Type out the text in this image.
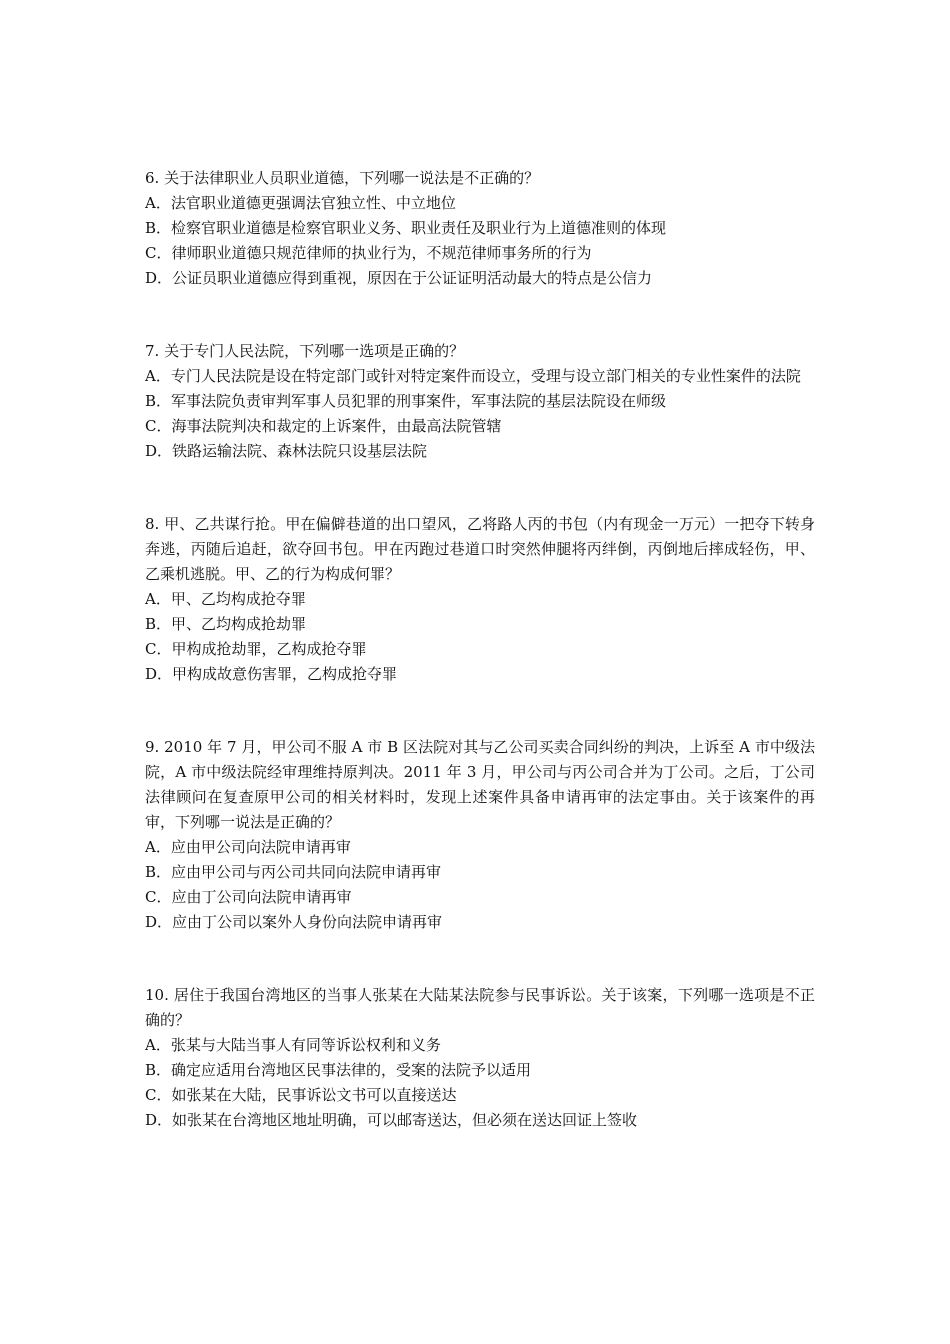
6. 关于法律职业人员职业道德，下列哪一说法是不正确的？

A．法官职业道德更强调法官独立性、中立地位

B．检察官职业道德是检察官职业义务、职业责任及职业行为上道德准则的体现

C．律师职业道德只规范律师的执业行为，不规范律师事务所的行为

D．公证员职业道德应得到重视，原因在于公证证明活动最大的特点是公信力

7. 关于专门人民法院，下列哪一选项是正确的？

A．专门人民法院是设在特定部门或针对特定案件而设立，受理与设立部门相关的专业性案件的法院

B．军事法院负责审判军事人员犯罪的刑事案件，军事法院的基层法院设在师级

C．海事法院判决和裁定的上诉案件，由最高法院管辖

D．铁路运输法院、森林法院只设基层法院

8. 甲、乙共谋行抢。甲在偏僻巷道的出口望风，乙将路人丙的书包（内有现金一万元）一把夺下转身奔逃，丙随后追赶，欲夺回书包。甲在丙跑过巷道口时突然伸腿将丙绊倒，丙倒地后摔成轻伤，甲、乙乘机逃脱。甲、乙的行为构成何罪？

A．甲、乙均构成抢夺罪

B．甲、乙均构成抢劫罪

C．甲构成抢劫罪，乙构成抢夺罪

D．甲构成故意伤害罪，乙构成抢夺罪

9. 2010 年 7 月，甲公司不服 A 市 B 区法院对其与乙公司买卖合同纠纷的判决，上诉至 A 市中级法院，A 市中级法院经审理维持原判决。2011 年 3 月，甲公司与丙公司合并为丁公司。之后，丁公司法律顾问在复查原甲公司的相关材料时，发现上述案件具备申请再审的法定事由。关于该案件的再审，下列哪一说法是正确的？

A．应由甲公司向法院申请再审

B．应由甲公司与丙公司共同向法院申请再审

C．应由丁公司向法院申请再审

D．应由丁公司以案外人身份向法院申请再审

10. 居住于我国台湾地区的当事人张某在大陆某法院参与民事诉讼。关于该案，下列哪一选项是不正确的？

A．张某与大陆当事人有同等诉讼权利和义务

B．确定应适用台湾地区民事法律的，受案的法院予以适用

C．如张某在大陆，民事诉讼文书可以直接送达

D．如张某在台湾地区地址明确，可以邮寄送达，但必须在送达回证上签收
